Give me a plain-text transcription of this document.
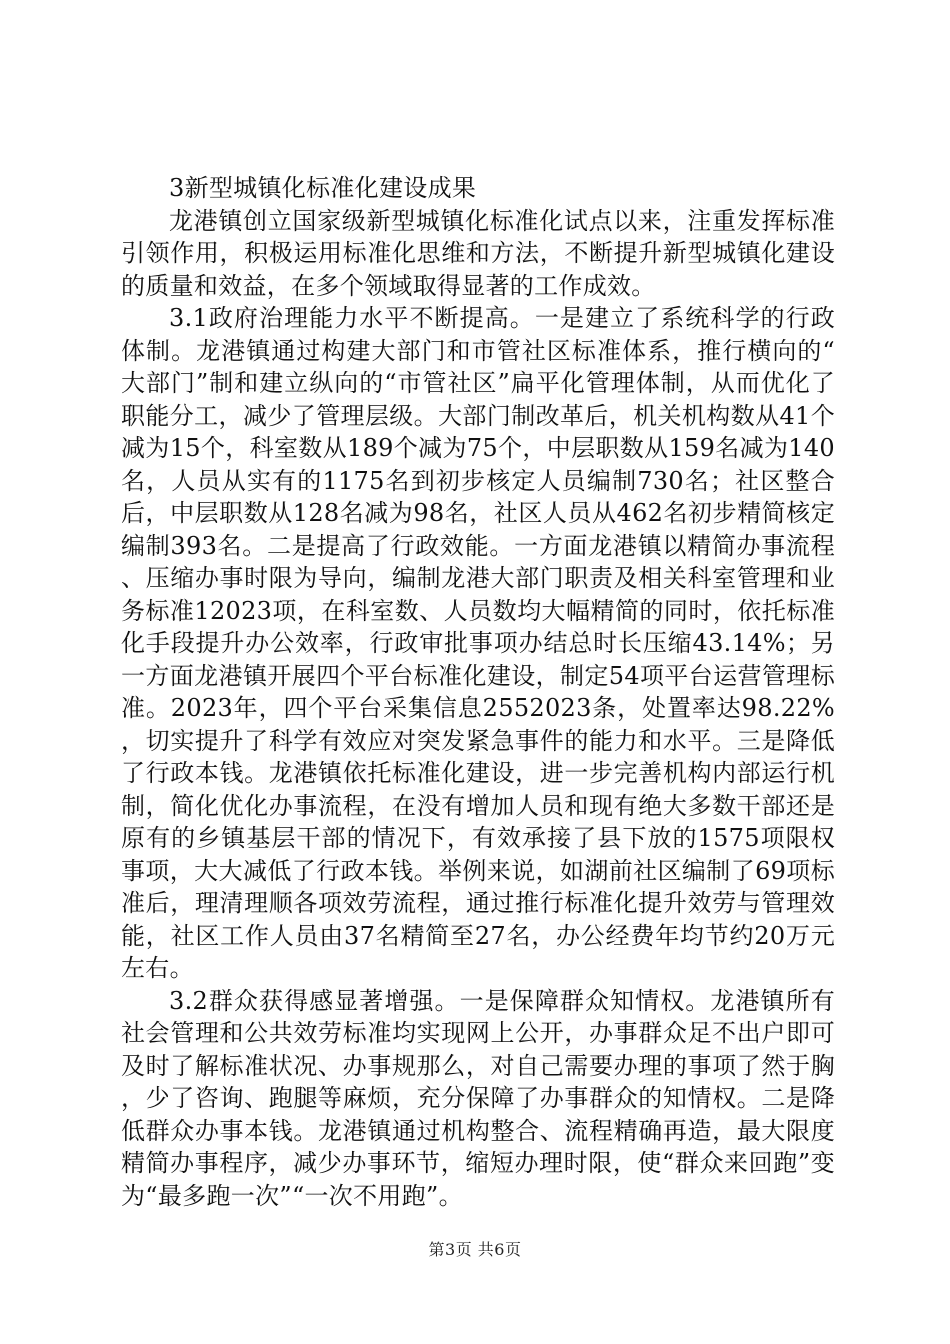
3新型城镇化标准化建设成果

龙港镇创立国家级新型城镇化标准化试点以来，注重发挥标准引领作用，积极运用标准化思维和方法，不断提升新型城镇化建设的质量和效益，在多个领域取得显著的工作成效。

3.1政府治理能力水平不断提高。一是建立了系统科学的行政体制。龙港镇通过构建大部门和市管社区标准体系，推行横向的“大部门”制和建立纵向的“市管社区”扁平化管理体制，从而优化了职能分工，减少了管理层级。大部门制改革后，机关机构数从41个减为15个，科室数从189个减为75个，中层职数从159名减为140名，人员从实有的1175名到初步核定人员编制730名；社区整合后，中层职数从128名减为98名，社区人员从462名初步精简核定编制393名。二是提高了行政效能。一方面龙港镇以精简办事流程、压缩办事时限为导向，编制龙港大部门职责及相关科室管理和业务标准12023项，在科室数、人员数均大幅精简的同时，依托标准化手段提升办公效率，行政审批事项办结总时长压缩43.14%；另一方面龙港镇开展四个平台标准化建设，制定54项平台运营管理标准。2023年，四个平台采集信息2552023条，处置率达98.22%，切实提升了科学有效应对突发紧急事件的能力和水平。三是降低了行政本钱。龙港镇依托标准化建设，进一步完善机构内部运行机制，简化优化办事流程，在没有增加人员和现有绝大多数干部还是原有的乡镇基层干部的情况下，有效承接了县下放的1575项限权事项，大大减低了行政本钱。举例来说，如湖前社区编制了69项标准后，理清理顺各项效劳流程，通过推行标准化提升效劳与管理效能，社区工作人员由37名精简至27名，办公经费年均节约20万元左右。

3.2群众获得感显著增强。一是保障群众知情权。龙港镇所有社会管理和公共效劳标准均实现网上公开，办事群众足不出户即可及时了解标准状况、办事规那么，对自己需要办理的事项了然于胸，少了咨询、跑腿等麻烦，充分保障了办事群众的知情权。二是降低群众办事本钱。龙港镇通过机构整合、流程精确再造，最大限度精简办事程序，减少办事环节，缩短办理时限，使“群众来回跑”变为“最多跑一次”“一次不用跑”。

第3页 共6页
